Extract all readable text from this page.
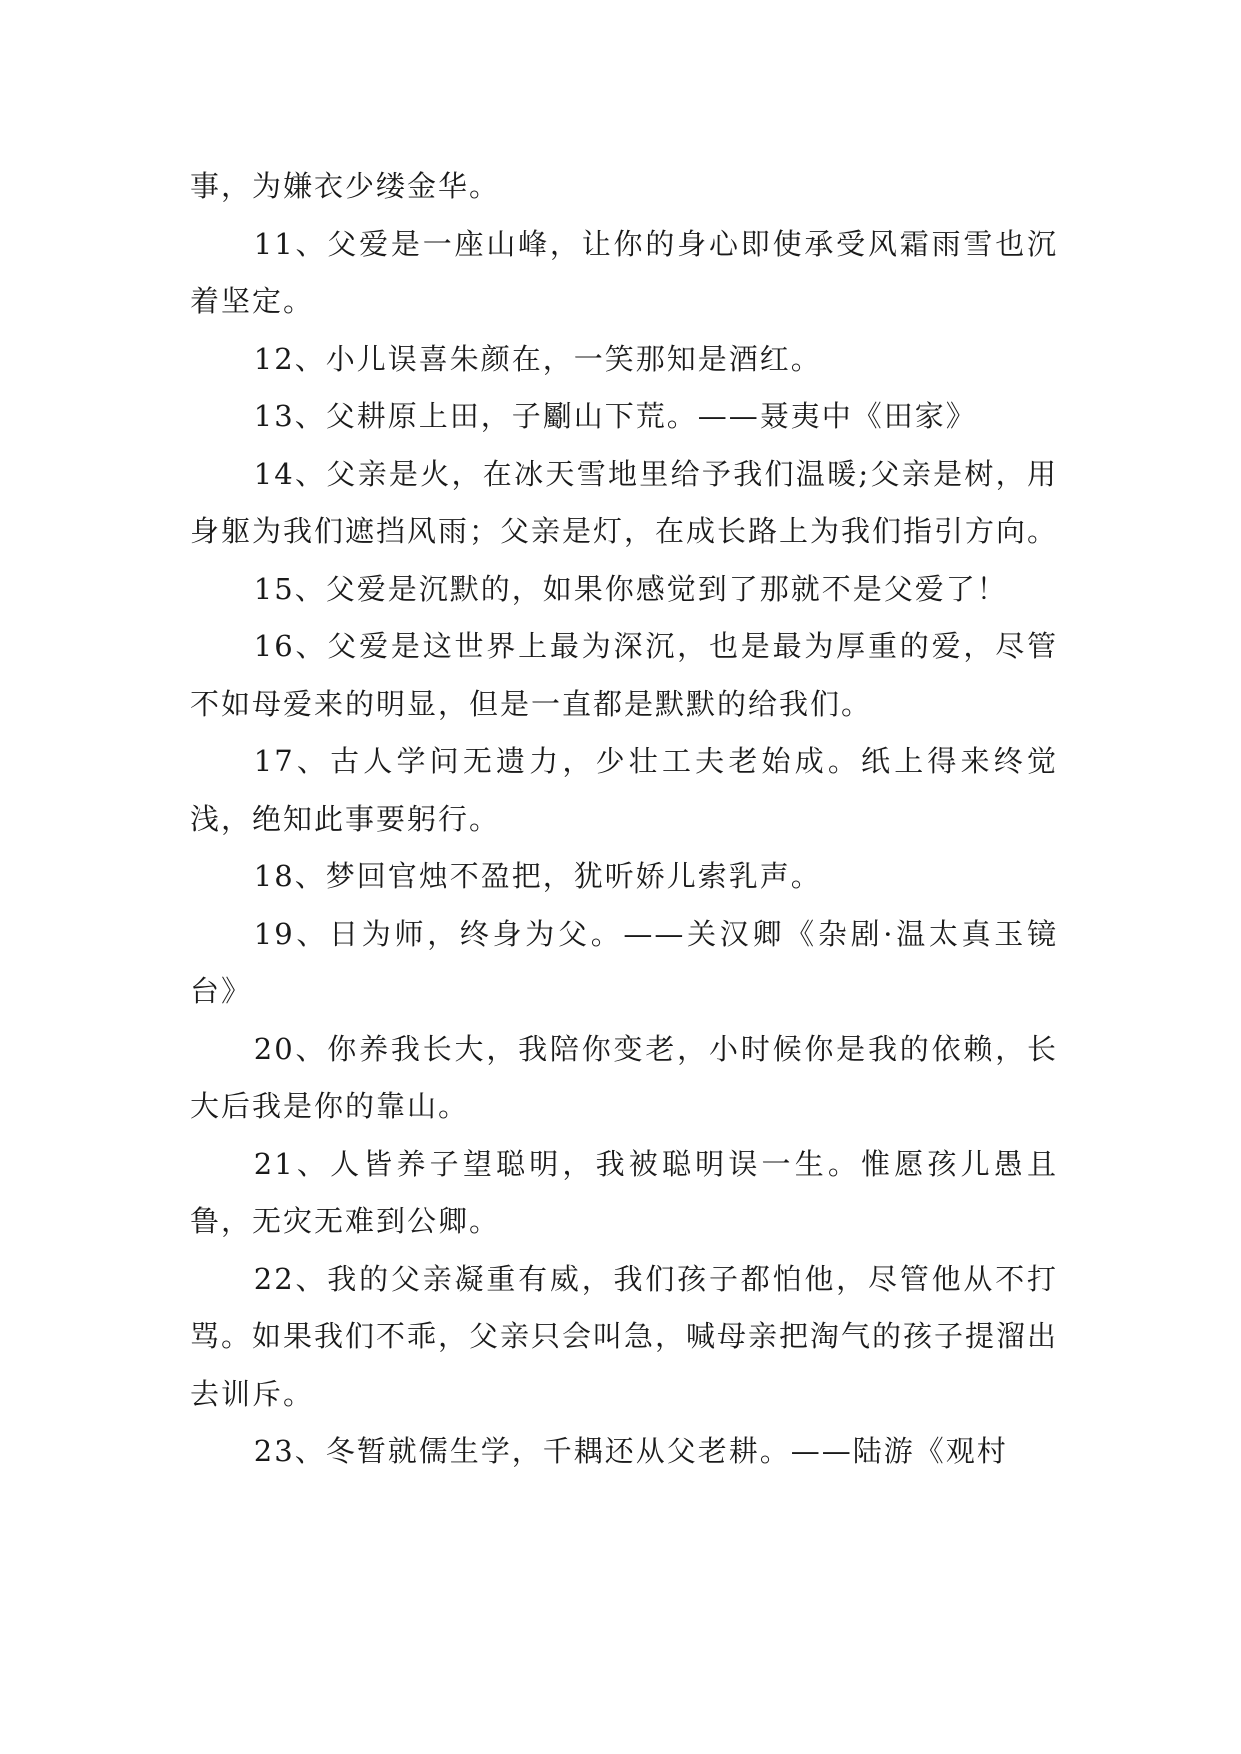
事，为嫌衣少缕金华。

11、父爱是一座山峰，让你的身心即使承受风霜雨雪也沉着坚定。

12、小儿误喜朱颜在，一笑那知是酒红。

13、父耕原上田，子劚山下荒。——聂夷中《田家》

14、父亲是火，在冰天雪地里给予我们温暖;父亲是树，用身躯为我们遮挡风雨；父亲是灯，在成长路上为我们指引方向。

15、父爱是沉默的，如果你感觉到了那就不是父爱了！

16、父爱是这世界上最为深沉，也是最为厚重的爱，尽管不如母爱来的明显，但是一直都是默默的给我们。

17、古人学问无遗力，少壮工夫老始成。纸上得来终觉浅，绝知此事要躬行。

18、梦回官烛不盈把，犹听娇儿索乳声。

19、日为师，终身为父。——关汉卿《杂剧·温太真玉镜台》

20、你养我长大，我陪你变老，小时候你是我的依赖，长大后我是你的靠山。

21、人皆养子望聪明，我被聪明误一生。惟愿孩儿愚且鲁，无灾无难到公卿。

22、我的父亲凝重有威，我们孩子都怕他，尽管他从不打骂。如果我们不乖，父亲只会叫急，喊母亲把淘气的孩子提溜出去训斥。

23、冬暂就儒生学，千耦还从父老耕。——陆游《观村
